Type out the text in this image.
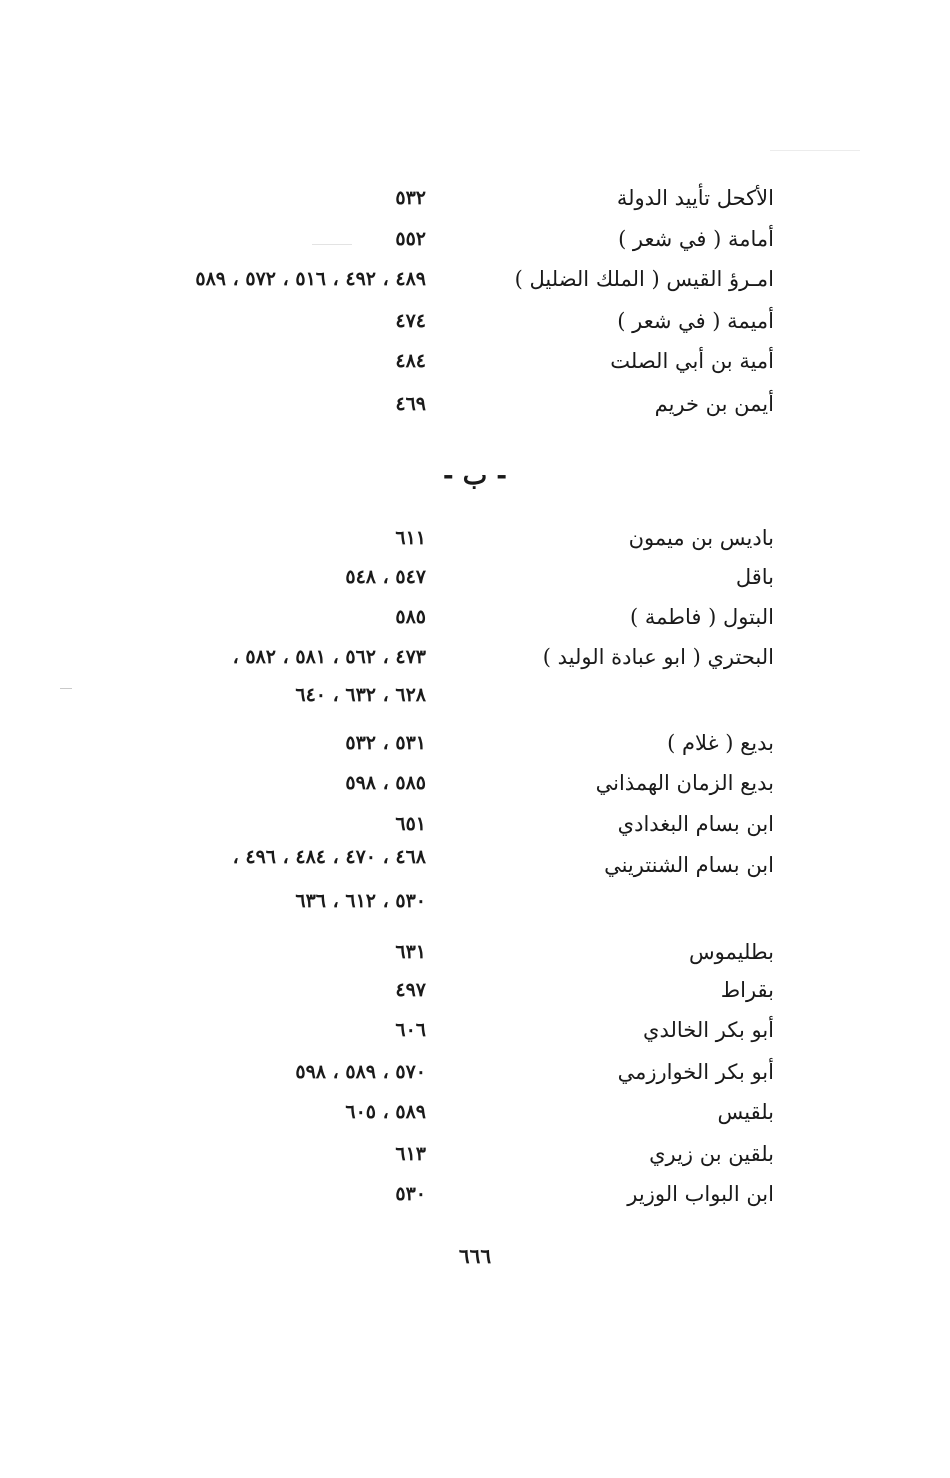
الأكحل تأييد الدولة
٥٣٢
أمامة ( في شعر )
٥٥٢
امـرؤ القيس ( الملك الضليل )
٤٨٩ ، ٤٩٢ ، ٥١٦ ، ٥٧٢ ، ٥٨٩
أميمة ( في شعر )
٤٧٤
أمية بن أبي الصلت
٤٨٤
أيمن بن خريم
٤٦٩
- ب -
باديس بن ميمون
٦١١
باقل
٥٤٧ ، ٥٤٨
البتول ( فاطمة )
٥٨٥
البحتري ( ابو عبادة الوليد )
٤٧٣ ، ٥٦٢ ، ٥٨١ ، ٥٨٢ ،
٦٢٨ ، ٦٣٢ ، ٦٤٠
بديع ( غلام )
٥٣١ ، ٥٣٢
بديع الزمان الهمذاني
٥٨٥ ، ٥٩٨
ابن بسام البغدادي
٦٥١
ابن بسام الشنتريني
٤٦٨ ، ٤٧٠ ، ٤٨٤ ، ٤٩٦ ،
٥٣٠ ، ٦١٢ ، ٦٣٦
بطليموس
٦٣١
بقراط
٤٩٧
أبو بكر الخالدي
٦٠٦
أبو بكر الخوارزمي
٥٧٠ ، ٥٨٩ ، ٥٩٨
بلقيس
٥٨٩ ، ٦٠٥
بلقين بن زيري
٦١٣
ابن البواب الوزير
٥٣٠
٦٦٦
